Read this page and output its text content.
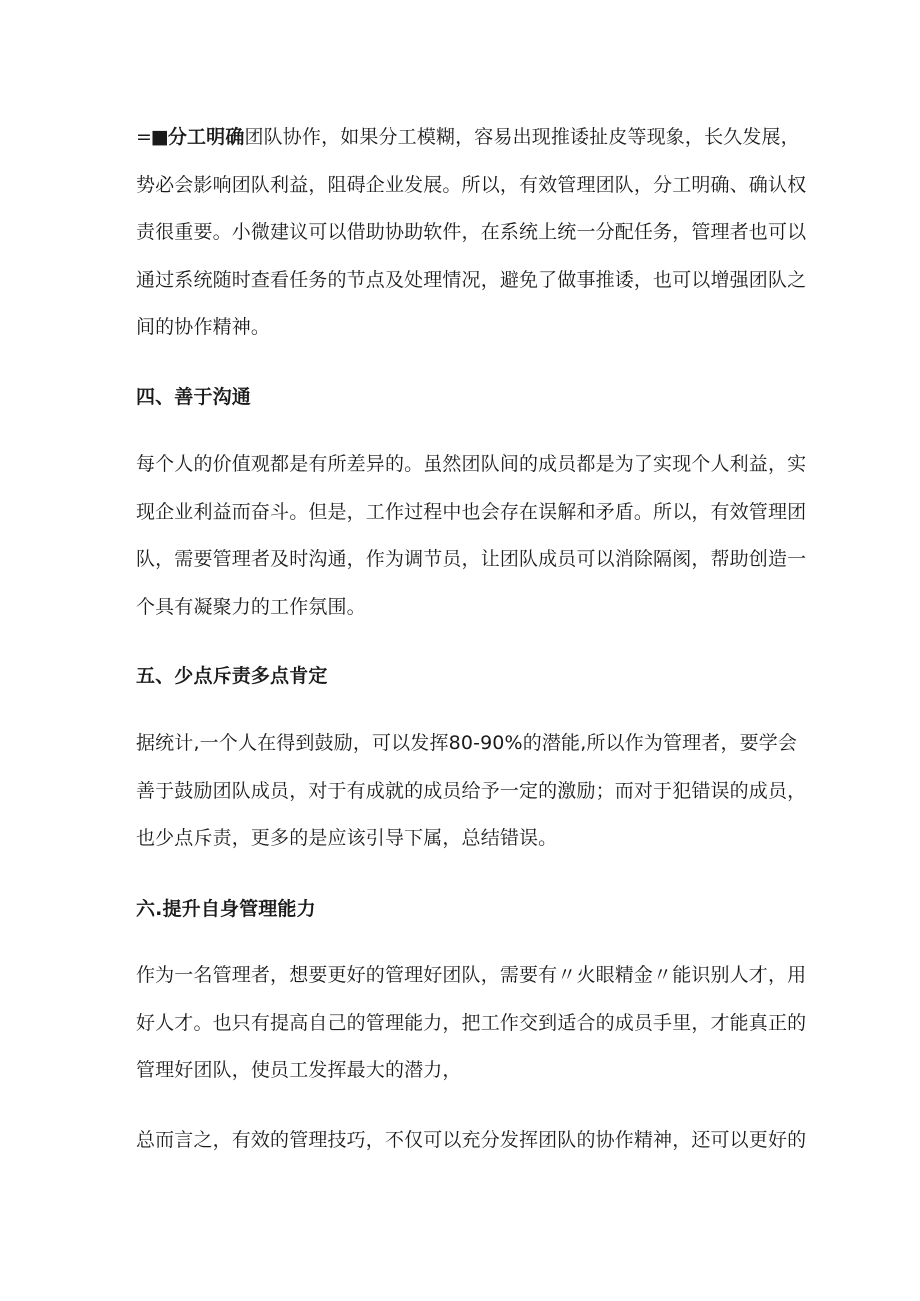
=■分工明确团队协作，如果分工模糊，容易出现推诿扯皮等现象，长久发展，
势必会影响团队利益，阻碍企业发展。所以，有效管理团队，分工明确、确认权
责很重要。小微建议可以借助协助软件，在系统上统一分配任务，管理者也可以
通过系统随时查看任务的节点及处理情况，避免了做事推诿，也可以增强团队之
间的协作精神。
四、善于沟通
每个人的价值观都是有所差异的。虽然团队间的成员都是为了实现个人利益，实
现企业利益而奋斗。但是，工作过程中也会存在误解和矛盾。所以，有效管理团
队，需要管理者及时沟通，作为调节员，让团队成员可以消除隔阂，帮助创造一
个具有凝聚力的工作氛围。
五、少点斥责多点肯定
据统计,一个人在得到鼓励，可以发挥80-90%的潜能,所以作为管理者，要学会
善于鼓励团队成员，对于有成就的成员给予一定的激励；而对于犯错误的成员，
也少点斥责，更多的是应该引导下属，总结错误。
六.提升自身管理能力
作为一名管理者，想要更好的管理好团队，需要有〃火眼精金〃能识别人才，用
好人才。也只有提高自己的管理能力，把工作交到适合的成员手里，才能真正的
管理好团队，使员工发挥最大的潜力，
总而言之，有效的管理技巧，不仅可以充分发挥团队的协作精神，还可以更好的
